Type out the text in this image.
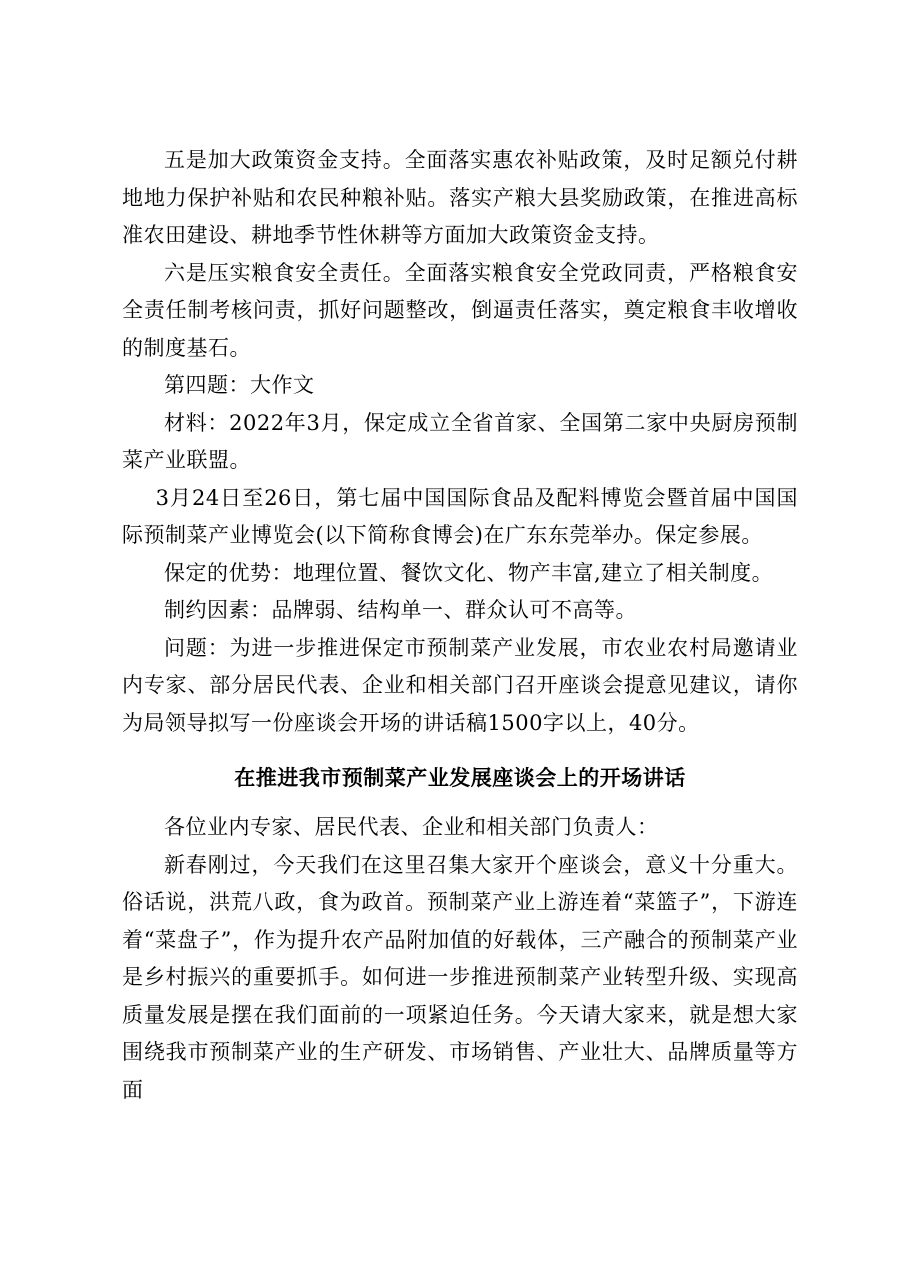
五是加大政策资金支持。全面落实惠农补贴政策，及时足额兑付耕地地力保护补贴和农民种粮补贴。落实产粮大县奖励政策，在推进高标准农田建设、耕地季节性休耕等方面加大政策资金支持。

六是压实粮食安全责任。全面落实粮食安全党政同责，严格粮食安全责任制考核问责，抓好问题整改，倒逼责任落实，奠定粮食丰收增收的制度基石。

第四题：大作文

材料：2022年3月，保定成立全省首家、全国第二家中央厨房预制菜产业联盟。

3月24日至26日，第七届中国国际食品及配料博览会暨首届中国国际预制菜产业博览会(以下简称食博会)在广东东莞举办。保定参展。

保定的优势：地理位置、餐饮文化、物产丰富,建立了相关制度。

制约因素：品牌弱、结构单一、群众认可不高等。

问题：为进一步推进保定市预制菜产业发展，市农业农村局邀请业内专家、部分居民代表、企业和相关部门召开座谈会提意见建议，请你为局领导拟写一份座谈会开场的讲话稿1500字以上，40分。

在推进我市预制菜产业发展座谈会上的开场讲话

各位业内专家、居民代表、企业和相关部门负责人：

新春刚过，今天我们在这里召集大家开个座谈会，意义十分重大。俗话说，洪荒八政，食为政首。预制菜产业上游连着“菜篮子”，下游连着“菜盘子”，作为提升农产品附加值的好载体，三产融合的预制菜产业是乡村振兴的重要抓手。如何进一步推进预制菜产业转型升级、实现高质量发展是摆在我们面前的一项紧迫任务。今天请大家来，就是想大家围绕我市预制菜产业的生产研发、市场销售、产业壮大、品牌质量等方面
